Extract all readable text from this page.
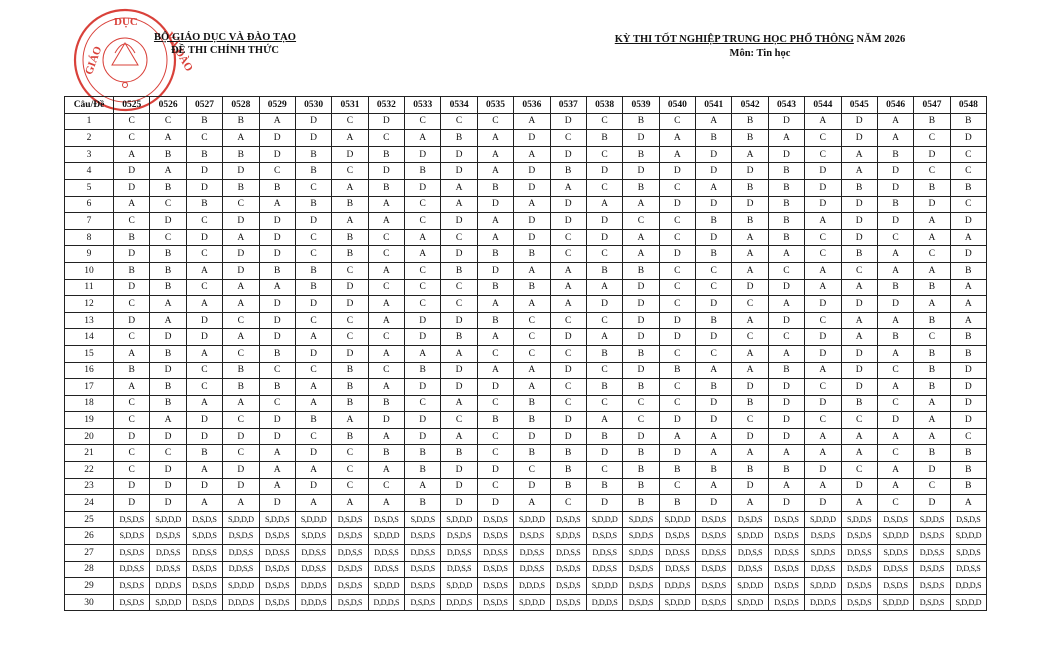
DỤC
GIÁO	VÀ ĐÀO
BỘ GIÁO DỤC VÀ ĐÀO TẠO
ĐỀ THI CHÍNH THỨC
KỲ THI TỐT NGHIỆP TRUNG HỌC PHỔ THÔNG NĂM 2026
Môn: Tin học
Câu/Đề	0525	0526	0527	0528	0529	0530	0531	0532	0533	0534	0535	0536	0537	0538	0539	0540	0541	0542	0543	0544	0545	0546	0547	0548
1	C	C	B	B	A	D	C	D	C	C	C	A	D	C	B	C	A	B	D	A	D	A	B	B
2	C	A	C	A	D	D	A	C	A	B	A	D	C	B	D	A	B	B	A	C	D	A	C	D
3	A	B	B	B	D	B	D	B	D	D	A	A	D	C	B	A	D	A	D	C	A	B	D	C
4	D	A	D	D	C	B	C	D	B	D	A	D	B	D	D	D	D	D	B	D	A	D	C	C
5	D	B	D	B	B	C	A	B	D	A	B	D	A	C	B	C	A	B	B	D	B	D	B	B
6	A	C	B	C	A	B	B	A	C	A	D	A	D	A	A	D	D	D	B	D	D	B	D	C
7	C	D	C	D	D	D	A	A	C	D	A	D	D	D	C	C	B	B	B	A	D	D	A	D
8	B	C	D	A	D	C	B	C	A	C	A	D	C	D	A	C	D	A	B	C	D	C	A	A
9	D	B	C	D	D	C	B	C	A	D	B	B	C	C	A	D	B	A	A	C	B	A	C	D
10	B	B	A	D	B	B	C	A	C	B	D	A	A	B	B	C	C	A	C	A	C	A	A	B
11	D	B	C	A	A	B	D	C	C	C	B	B	A	A	D	C	C	D	D	A	A	B	B	A
12	C	A	A	A	D	D	D	A	C	C	A	A	A	D	D	C	D	C	A	D	D	D	A	A
13	D	A	D	C	D	C	C	A	D	D	B	C	C	C	D	D	B	A	D	C	A	A	B	A
14	C	D	D	A	D	A	C	C	D	B	A	C	D	A	D	D	D	C	C	D	A	B	C	B
15	A	B	A	C	B	D	D	A	A	A	C	C	C	B	B	C	C	A	A	D	D	A	B	B
16	B	D	C	B	C	C	B	C	B	D	A	A	D	C	D	B	A	A	B	A	D	C	B	D
17	A	B	C	B	B	A	B	A	D	D	D	A	C	B	B	C	B	D	D	C	D	A	B	D
18	C	B	A	A	C	A	B	B	C	A	C	B	C	C	C	C	D	B	D	D	B	C	A	D
19	C	A	D	C	D	B	A	D	D	C	B	B	D	A	C	D	D	C	D	C	C	D	A	D
20	D	D	D	D	D	C	B	A	D	A	C	D	D	B	D	A	A	D	D	A	A	A	A	C
21	C	C	B	C	A	D	C	B	B	B	C	B	B	D	B	D	A	A	A	A	A	C	B	B
22	C	D	A	D	A	A	C	A	B	D	D	C	B	C	B	B	B	B	B	D	C	A	D	B
23	D	D	D	D	A	D	C	C	A	D	C	D	B	B	B	C	A	D	A	A	D	A	C	B
24	D	D	A	A	D	A	A	A	B	D	D	A	C	D	B	B	D	A	D	D	A	C	D	A
25	D,S,D,S	S,D,D,D	D,S,D,S	S,D,D,D	S,D,D,S	S,D,D,D	D,S,D,S	D,S,D,S	S,D,D,S	S,D,D,D	D,S,D,S	S,D,D,D	D,S,D,S	S,D,D,D	S,D,D,S	S,D,D,D	D,S,D,S	D,S,D,S	D,S,D,S	S,D,D,D	S,D,D,S	D,S,D,S	S,D,D,S	D,S,D,S
26	S,D,D,S	D,S,D,S	S,D,D,S	D,S,D,S	D,S,D,S	S,D,D,S	D,S,D,S	S,D,D,D	D,S,D,S	D,S,D,S	D,S,D,S	D,S,D,S	S,D,D,S	D,S,D,S	S,D,D,S	D,S,D,S	D,S,D,S	S,D,D,D	D,S,D,S	D,S,D,S	D,S,D,S	S,D,D,D	D,S,D,S	S,D,D,D
27	D,S,D,S	D,D,S,S	D,D,S,S	D,D,S,S	D,D,S,S	D,D,S,S	D,D,S,S	D,D,S,S	D,D,S,S	D,D,S,S	D,D,S,S	D,D,S,S	D,D,S,S	D,D,S,S	S,D,D,S	D,D,S,S	D,D,S,S	D,D,S,S	D,D,S,S	S,D,D,S	D,D,S,S	S,D,D,S	D,D,S,S	S,D,D,S
28	D,D,S,S	D,D,S,S	D,S,D,S	D,D,S,S	D,S,D,S	D,D,S,S	D,S,D,S	D,D,S,S	D,S,D,S	D,D,S,S	D,S,D,S	D,D,S,S	D,S,D,S	D,D,S,S	D,S,D,S	D,D,S,S	D,S,D,S	D,D,S,S	D,S,D,S	D,D,S,S	D,S,D,S	D,D,S,S	D,S,D,S	D,D,S,S
29	D,S,D,S	D,D,D,S	D,S,D,S	S,D,D,D	D,S,D,S	D,D,D,S	D,S,D,S	S,D,D,D	D,S,D,S	S,D,D,D	D,S,D,S	D,D,D,S	D,S,D,S	S,D,D,D	D,S,D,S	D,D,D,S	D,S,D,S	S,D,D,D	D,S,D,S	S,D,D,D	D,S,D,S	D,S,D,S	D,S,D,S	D,D,D,S
30	D,S,D,S	S,D,D,D	D,S,D,S	D,D,D,S	D,S,D,S	D,D,D,S	D,S,D,S	D,D,D,S	D,S,D,S	D,D,D,S	D,S,D,S	S,D,D,D	D,S,D,S	D,D,D,S	D,S,D,S	S,D,D,D	D,S,D,S	S,D,D,D	D,S,D,S	D,D,D,S	D,S,D,S	S,D,D,D	D,S,D,S	S,D,D,D
